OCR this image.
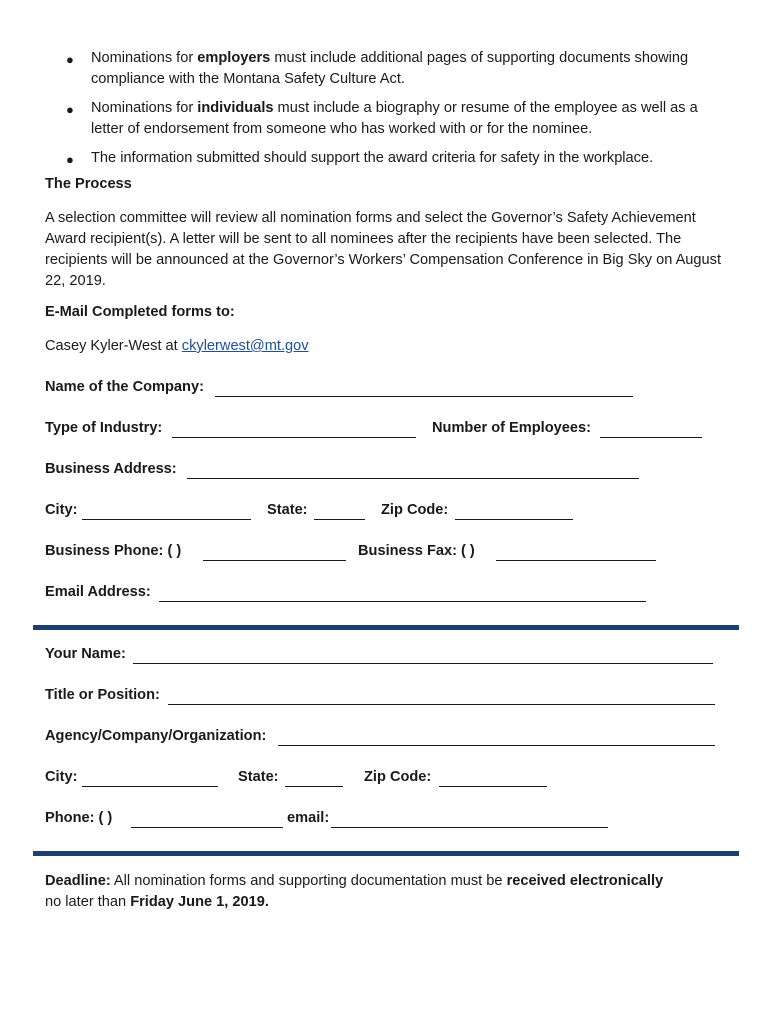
● Nominations for employers must include additional pages of supporting documents showing compliance with the Montana Safety Culture Act.
● Nominations for individuals must include a biography or resume of the employee as well as a letter of endorsement from someone who has worked with or for the nominee.
● The information submitted should support the award criteria for safety in the workplace.
The Process
A selection committee will review all nomination forms and select the Governor’s Safety Achievement Award recipient(s). A letter will be sent to all nominees after the recipients have been selected. The recipients will be announced at the Governor’s Workers’ Compensation Conference in Big Sky on August 22, 2019.
E-Mail Completed forms to:
Casey Kyler-West at ckylerwest@mt.gov
Name of the Company:
Type of Industry:	Number of Employees:
Business Address:
City:	State:	Zip Code:
Business Phone: ( )	Business Fax: ( )
Email Address:
Your Name:
Title or Position:
Agency/Company/Organization:
City:	State:	Zip Code:
Phone: ( )	email:
Deadline: All nomination forms and supporting documentation must be received electronically
no later than Friday June 1, 2019.
